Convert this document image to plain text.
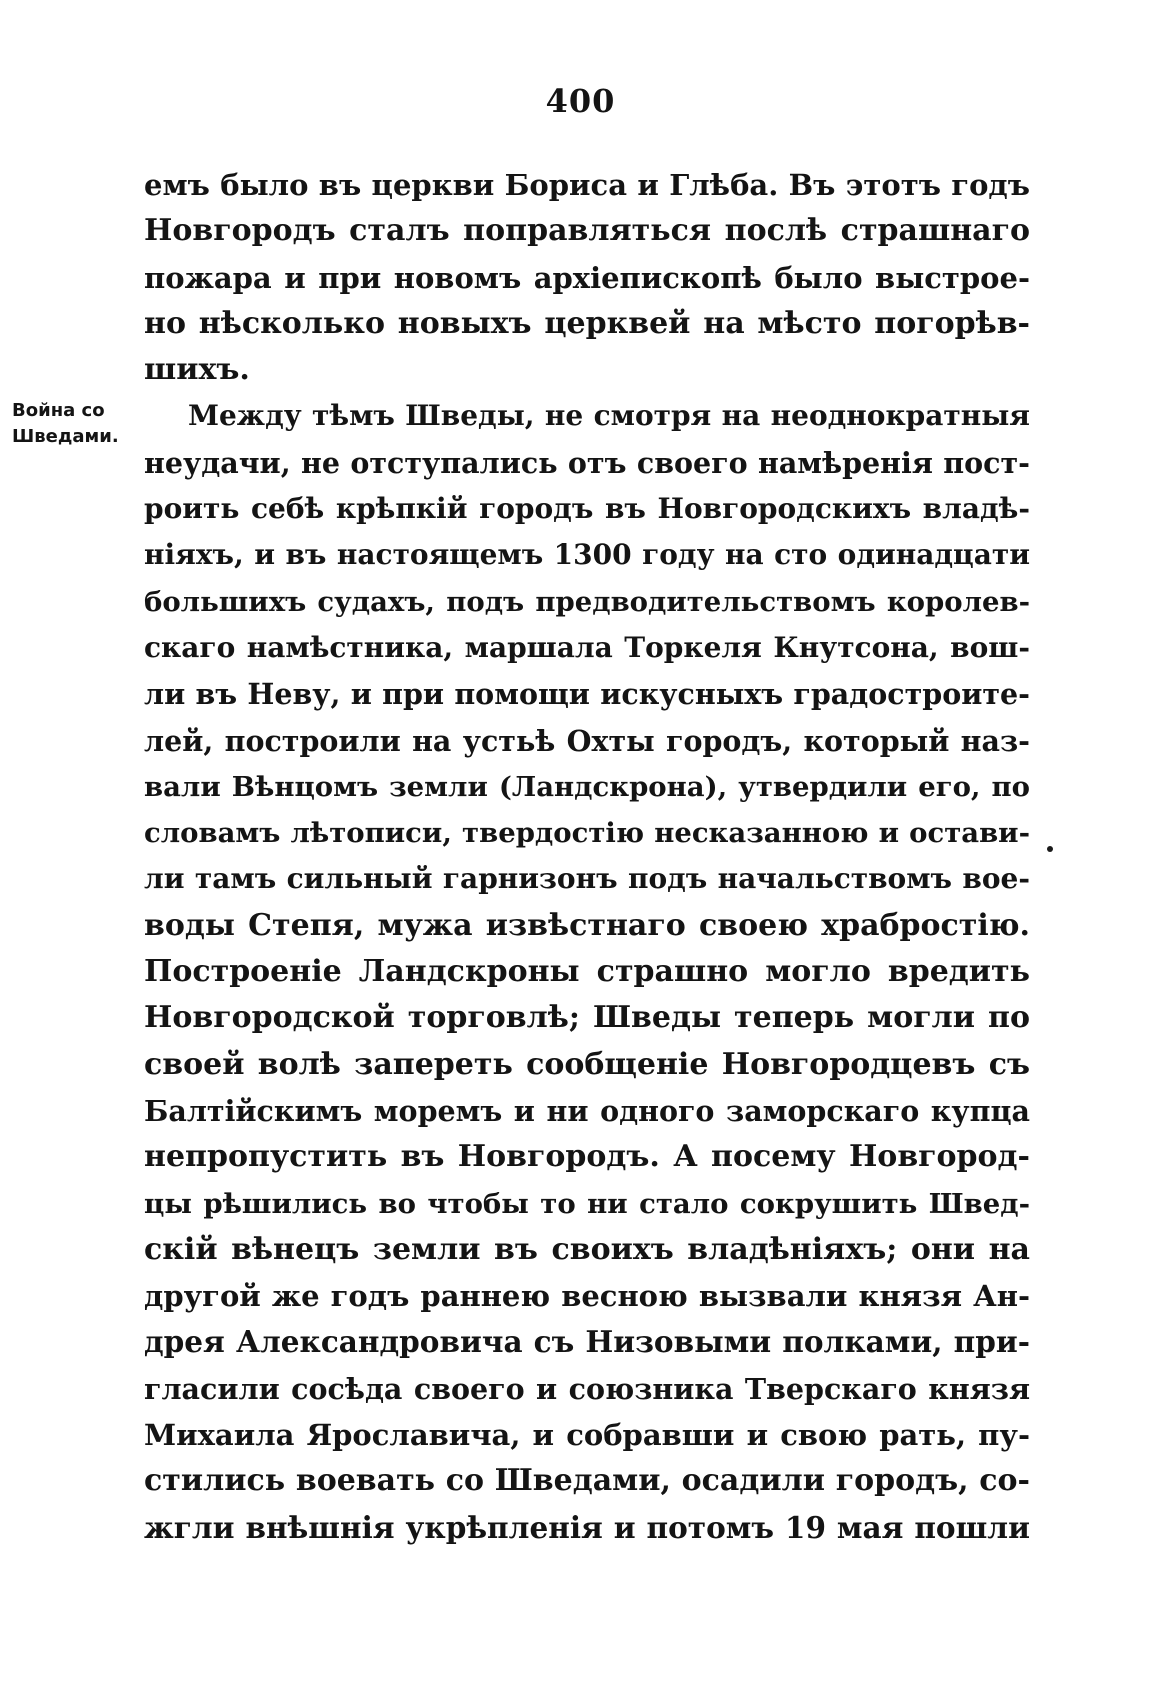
400
Война со
Шведами.
емъ было въ церкви Бориса и Глѣба. Въ этотъ годъ
Новгородъ сталъ поправляться послѣ страшнаго
пожара и при новомъ архіепископѣ было выстрое-
но нѣсколько новыхъ церквей на мѣсто погорѣв-
шихъ.
Между тѣмъ Шведы, не смотря на неоднократныя
неудачи, не отступались отъ своего намѣренія пост-
роить себѣ крѣпкій городъ въ Новгородскихъ владѣ-
ніяхъ, и въ настоящемъ 1300 году на сто одинадцати
большихъ судахъ, подъ предводительствомъ королев-
скаго намѣстника, маршала Торкеля Кнутсона, вош-
ли въ Неву, и при помощи искусныхъ градостроите-
лей, построили на устьѣ Охты городъ, который наз-
вали Вѣнцомъ земли (Ландскрона), утвердили его, по
словамъ лѣтописи, твердостію несказанною и остави-
ли тамъ сильный гарнизонъ подъ начальствомъ вое-
воды Степя, мужа извѣстнаго своею храбростію.
Построеніе Ландскроны страшно могло вредить
Новгородской торговлѣ; Шведы теперь могли по
своей волѣ запереть сообщеніе Новгородцевъ съ
Балтійскимъ моремъ и ни одного заморскаго купца
непропустить въ Новгородъ. А посему Новгород-
цы рѣшились во чтобы то ни стало сокрушить Швед-
скій вѣнецъ земли въ своихъ владѣніяхъ; они на
другой же годъ раннею весною вызвали князя Ан-
дрея Александровича съ Низовыми полками, при-
гласили сосѣда своего и союзника Тверскаго князя
Михаила Ярославича, и собравши и свою рать, пу-
стились воевать со Шведами, осадили городъ, со-
жгли внѣшнія укрѣпленія и потомъ 19 мая пошли
